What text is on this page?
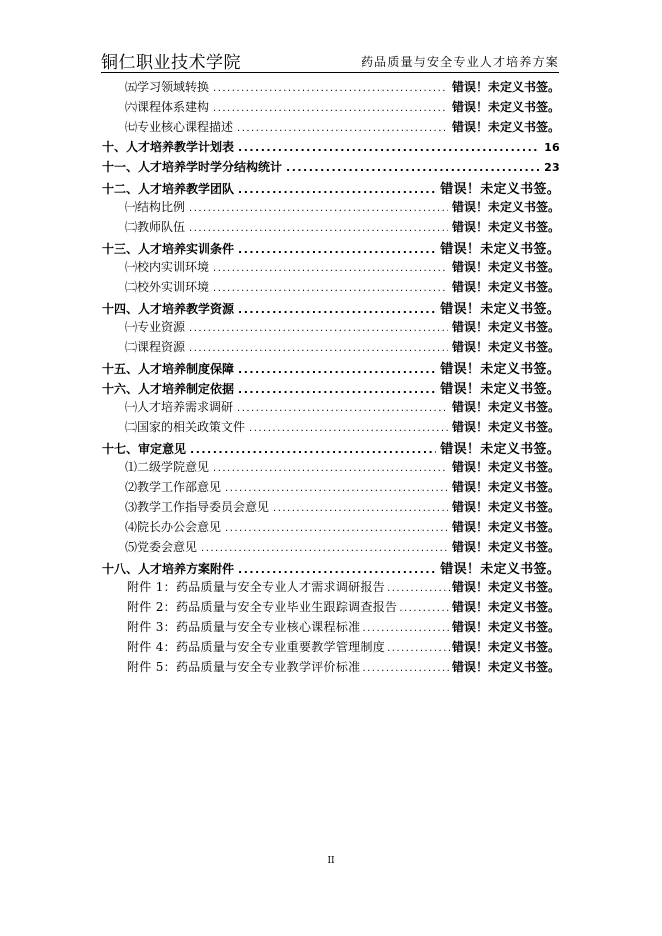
铜仁职业技术学院	药品质量与安全专业人才培养方案
㈤学习领域转换 .....	错误！未定义书签。
㈥课程体系建构 .....	错误！未定义书签。
㈦专业核心课程描述 .....	错误！未定义书签。
十、人才培养教学计划表 .....	16
十一、人才培养学时学分结构统计 .....	23
十二、人才培养教学团队 .....	错误！未定义书签。
㈠结构比例 .....	错误！未定义书签。
㈡教师队伍 .....	错误！未定义书签。
十三、人才培养实训条件 .....	错误！未定义书签。
㈠校内实训环境 .....	错误！未定义书签。
㈡校外实训环境 .....	错误！未定义书签。
十四、人才培养教学资源 .....	错误！未定义书签。
㈠专业资源 .....	错误！未定义书签。
㈡课程资源 .....	错误！未定义书签。
十五、人才培养制度保障 .....	错误！未定义书签。
十六、人才培养制定依据 .....	错误！未定义书签。
㈠人才培养需求调研 .....	错误！未定义书签。
㈡国家的相关政策文件 .....	错误！未定义书签。
十七、审定意见 .....	错误！未定义书签。
⑴二级学院意见 .....	错误！未定义书签。
⑵教学工作部意见 .....	错误！未定义书签。
⑶教学工作指导委员会意见 .....	错误！未定义书签。
⑷院长办公会意见 .....	错误！未定义书签。
⑸党委会意见 .....	错误！未定义书签。
十八、人才培养方案附件 .....	错误！未定义书签。
附件 1：药品质量与安全专业人才需求调研报告 .....	错误！未定义书签。
附件 2：药品质量与安全专业毕业生跟踪调查报告 .....	错误！未定义书签。
附件 3：药品质量与安全专业核心课程标准 .....	错误！未定义书签。
附件 4：药品质量与安全专业重要教学管理制度 .....	错误！未定义书签。
附件 5：药品质量与安全专业教学评价标准 .....	错误！未定义书签。
II
